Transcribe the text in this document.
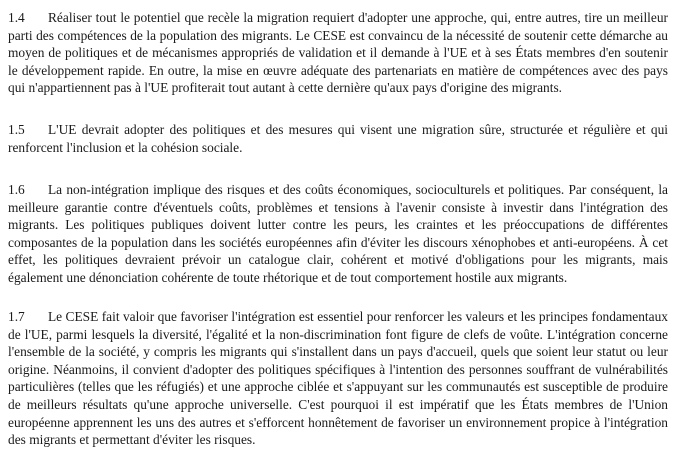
1.4 Réaliser tout le potentiel que recèle la migration requiert d'adopter une approche, qui, entre autres, tire un meilleur parti des compétences de la population des migrants. Le CESE est convaincu de la nécessité de soutenir cette démarche au moyen de politiques et de mécanismes appropriés de validation et il demande à l'UE et à ses États membres d'en soutenir le développement rapide. En outre, la mise en œuvre adéquate des partenariats en matière de compétences avec des pays qui n'appartiennent pas à l'UE profiterait tout autant à cette dernière qu'aux pays d'origine des migrants.

1.5 L'UE devrait adopter des politiques et des mesures qui visent une migration sûre, structurée et régulière et qui renforcent l'inclusion et la cohésion sociale.

1.6 La non-intégration implique des risques et des coûts économiques, socioculturels et politiques. Par conséquent, la meilleure garantie contre d'éventuels coûts, problèmes et tensions à l'avenir consiste à investir dans l'intégration des migrants. Les politiques publiques doivent lutter contre les peurs, les craintes et les préoccupations de différentes composantes de la population dans les sociétés européennes afin d'éviter les discours xénophobes et anti-européens. À cet effet, les politiques devraient prévoir un catalogue clair, cohérent et motivé d'obligations pour les migrants, mais également une dénonciation cohérente de toute rhétorique et de tout comportement hostile aux migrants.

1.7 Le CESE fait valoir que favoriser l'intégration est essentiel pour renforcer les valeurs et les principes fondamentaux de l'UE, parmi lesquels la diversité, l'égalité et la non-discrimination font figure de clefs de voûte. L'intégration concerne l'ensemble de la société, y compris les migrants qui s'installent dans un pays d'accueil, quels que soient leur statut ou leur origine. Néanmoins, il convient d'adopter des politiques spécifiques à l'intention des personnes souffrant de vulnérabilités particulières (telles que les réfugiés) et une approche ciblée et s'appuyant sur les communautés est susceptible de produire de meilleurs résultats qu'une approche universelle. C'est pourquoi il est impératif que les États membres de l'Union européenne apprennent les uns des autres et s'efforcent honnêtement de favoriser un environnement propice à l'intégration des migrants et permettant d'éviter les risques.
